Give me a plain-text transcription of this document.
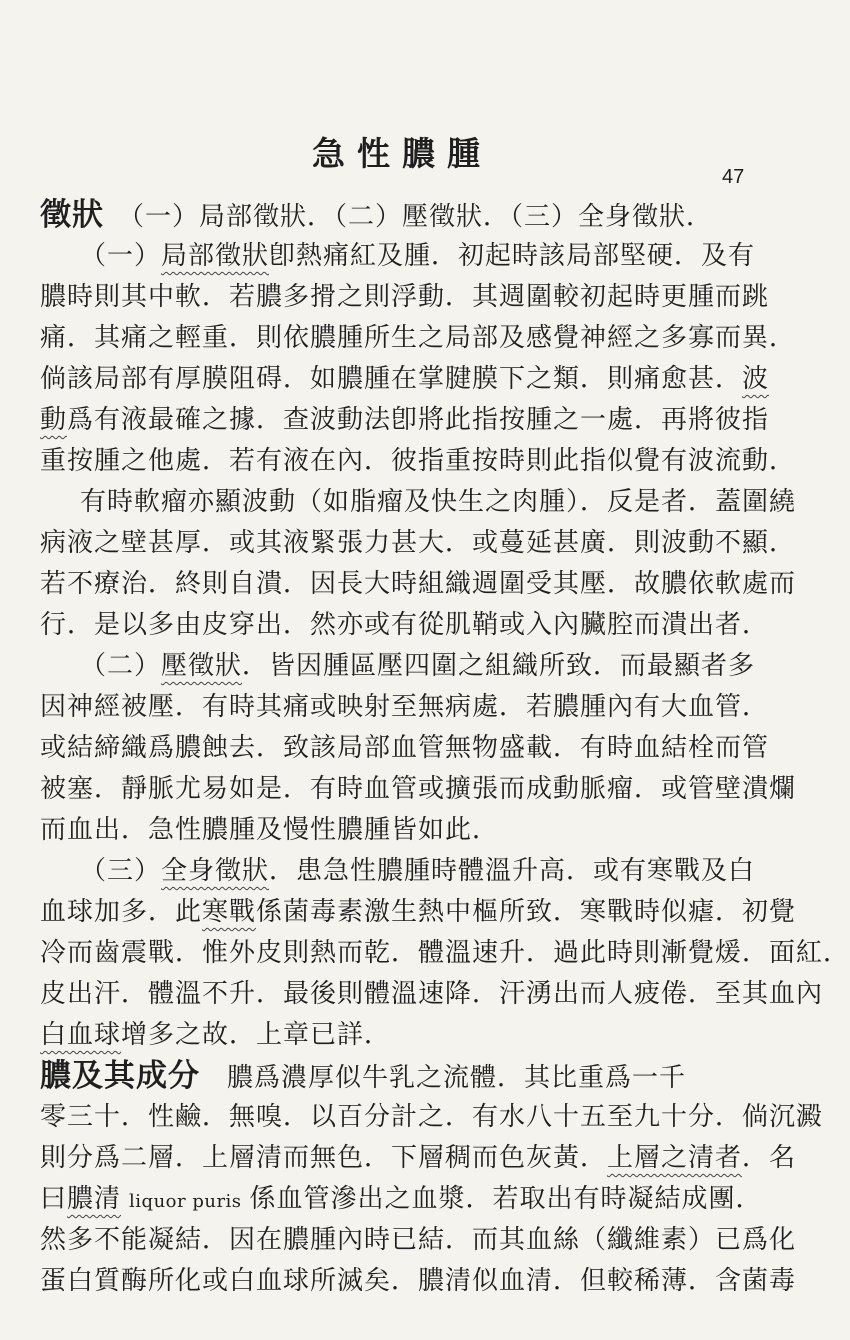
急性膿腫
47
徵狀　（一）局部徵狀．（二）壓徵狀．（三）全身徵狀．
（一）局部徵狀卽熱痛紅及腫．初起時該局部堅硬．及有
膿時則其中軟．若膿多搰之則浮動．其週圍較初起時更腫而跳
痛．其痛之輕重．則依膿腫所生之局部及感覺神經之多寡而異．
倘該局部有厚膜阻碍．如膿腫在掌腱膜下之類．則痛愈甚．波
動爲有液最確之據．查波動法卽將此指按腫之一處．再將彼指
重按腫之他處．若有液在內．彼指重按時則此指似覺有波流動．
有時軟瘤亦顯波動（如脂瘤及快生之肉腫）．反是者．蓋圍繞
病液之壁甚厚．或其液緊張力甚大．或蔓延甚廣．則波動不顯．
若不療治．終則自潰．因長大時組織週圍受其壓．故膿依軟處而
行．是以多由皮穿出．然亦或有從肌鞘或入內臟腔而潰出者．
（二）壓徵狀．皆因腫區壓四圍之組織所致．而最顯者多
因神經被壓．有時其痛或映射至無病處．若膿腫內有大血管．
或結締織爲膿蝕去．致該局部血管無物盛載．有時血結栓而管
被塞．靜脈尤易如是．有時血管或擴張而成動脈瘤．或管壁潰爛
而血出．急性膿腫及慢性膿腫皆如此．
（三）全身徵狀．患急性膿腫時體溫升高．或有寒戰及白
血球加多．此寒戰係菌毒素激生熱中樞所致．寒戰時似瘧．初覺
冷而齒震戰．惟外皮則熱而乾．體溫速升．過此時則漸覺煖．面紅．
皮出汗．體溫不升．最後則體溫速降．汗湧出而人疲倦．至其血內
白血球增多之故．上章已詳．
膿及其成分　膿爲濃厚似牛乳之流體．其比重爲一千
零三十．性鹼．無嗅．以百分計之．有水八十五至九十分．倘沉澱
則分爲二層．上層清而無色．下層稠而色灰黃．上層之清者．名
曰膿清 liquor puris 係血管滲出之血漿．若取出有時凝結成團．
然多不能凝結．因在膿腫內時已結．而其血絲（纖維素）已爲化
蛋白質酶所化或白血球所滅矣．膿清似血清．但較稀薄．含菌毒
